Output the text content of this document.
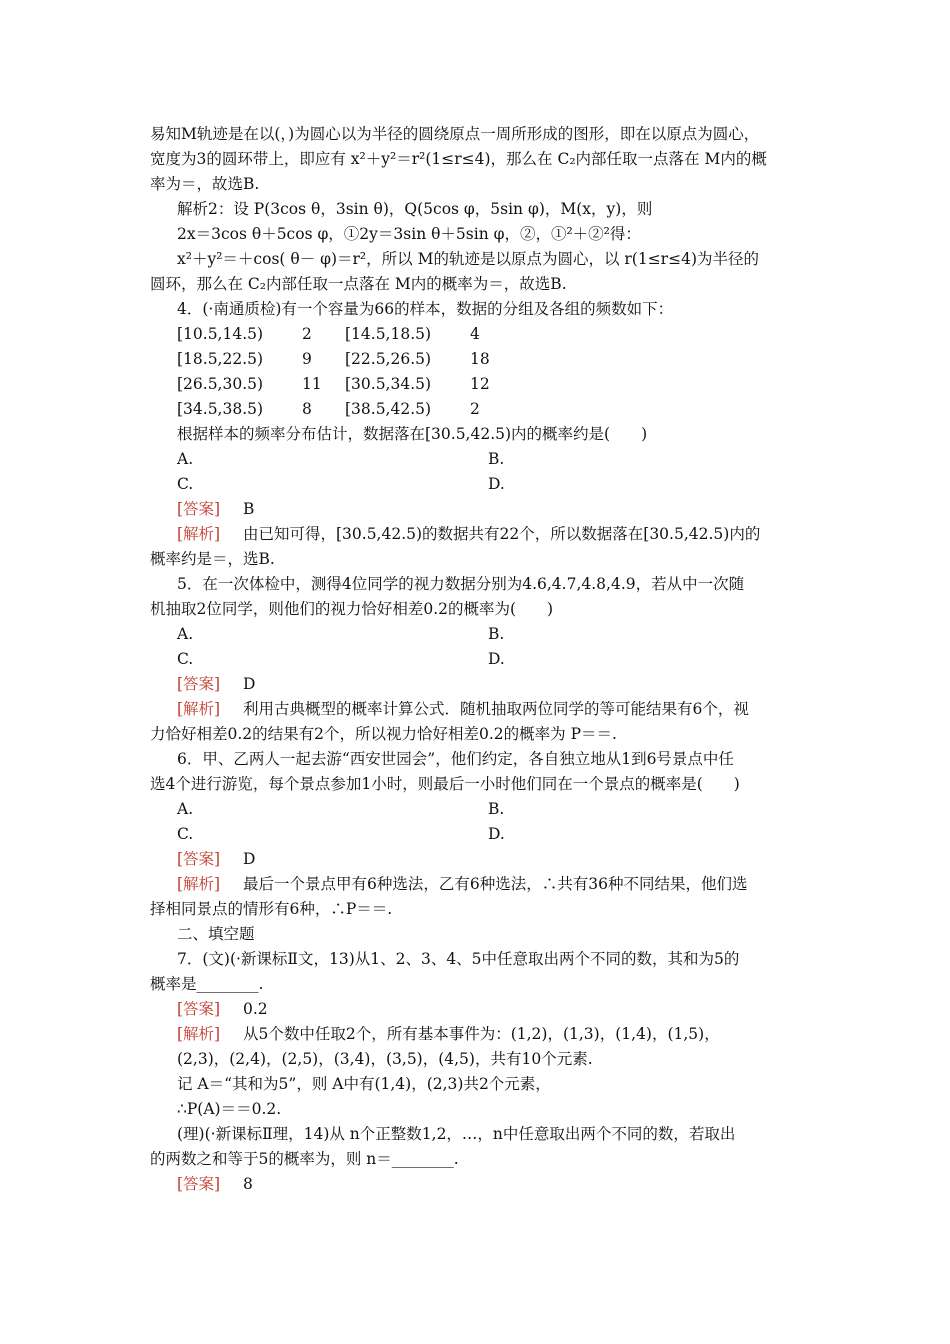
易知M轨迹是在以(，)为圆心以为半径的圆绕原点一周所形成的图形，即在以原点为圆心，
宽度为3的圆环带上，即应有 x²＋y²＝r²(1≤r≤4)，那么在 C₂内部任取一点落在 M内的概
率为＝，故选B.
解析2：设 P(3cos θ，3sin θ)，Q(5cos φ，5sin φ)，M(x，y)，则
2x＝3cos θ＋5cos φ，①2y＝3sin θ＋5sin φ，②，①²＋②²得：
x²＋y²＝＋cos( θ－ φ)＝r²，所以 M的轨迹是以原点为圆心，以 r(1≤r≤4)为半径的
圆环，那么在 C₂内部任取一点落在 M内的概率为＝，故选B.
4．(·南通质检)有一个容量为66的样本，数据的分组及各组的频数如下：
[10.5,14.5)	2 [14.5,18.5)	4
[18.5,22.5)	9 [22.5,26.5)	18
[26.5,30.5)	11 [30.5,34.5)	12
[34.5,38.5)	8 [38.5,42.5)	2
根据样本的频率分布估计，数据落在[30.5,42.5)内的概率约是(　　)
A.	B.
C.	D.
[答案] B
[解析] 由已知可得，[30.5,42.5)的数据共有22个，所以数据落在[30.5,42.5)内的
概率约是＝，选B.
5．在一次体检中，测得4位同学的视力数据分别为4.6,4.7,4.8,4.9，若从中一次随
机抽取2位同学，则他们的视力恰好相差0.2的概率为(　　)
A.	B.
C.	D.
[答案] D
[解析] 利用古典概型的概率计算公式．随机抽取两位同学的等可能结果有6个，视
力恰好相差0.2的结果有2个，所以视力恰好相差0.2的概率为 P＝＝.
6．甲、乙两人一起去游“西安世园会”，他们约定，各自独立地从1到6号景点中任
选4个进行游览，每个景点参加1小时，则最后一小时他们同在一个景点的概率是(　　)
A.	B.
C.	D.
[答案] D
[解析] 最后一个景点甲有6种选法，乙有6种选法，∴共有36种不同结果，他们选
择相同景点的情形有6种，∴P＝＝.
二、填空题
7．(文)(·新课标Ⅱ文，13)从1、2、3、4、5中任意取出两个不同的数，其和为5的
概率是________.
[答案] 0.2
[解析] 从5个数中任取2个，所有基本事件为：(1,2)，(1,3)，(1,4)，(1,5)，
(2,3)，(2,4)，(2,5)，(3,4)，(3,5)，(4,5)，共有10个元素.
记 A＝“其和为5”，则 A中有(1,4)，(2,3)共2个元素，
∴P(A)＝＝0.2.
(理)(·新课标Ⅱ理，14)从 n个正整数1,2，…，n中任意取出两个不同的数，若取出
的两数之和等于5的概率为，则 n＝________.
[答案] 8
